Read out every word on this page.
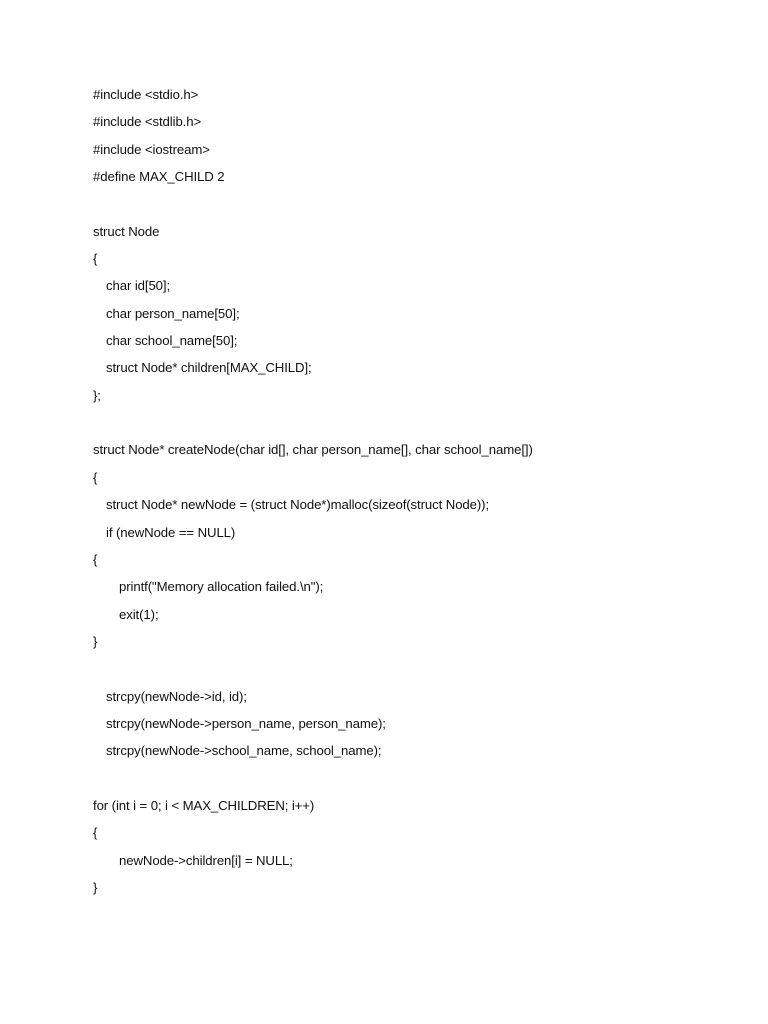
#include <stdio.h>
#include <stdlib.h>
#include <iostream>
#define MAX_CHILD 2
struct Node
{
char id[50];
char person_name[50];
char school_name[50];
struct Node* children[MAX_CHILD];
};
struct Node* createNode(char id[], char person_name[], char school_name[])
{
struct Node* newNode = (struct Node*)malloc(sizeof(struct Node));
if (newNode == NULL)
{
printf("Memory allocation failed.\n");
exit(1);
}
strcpy(newNode->id, id);
strcpy(newNode->person_name, person_name);
strcpy(newNode->school_name, school_name);
for (int i = 0; i < MAX_CHILDREN; i++)
{
newNode->children[i] = NULL;
}
